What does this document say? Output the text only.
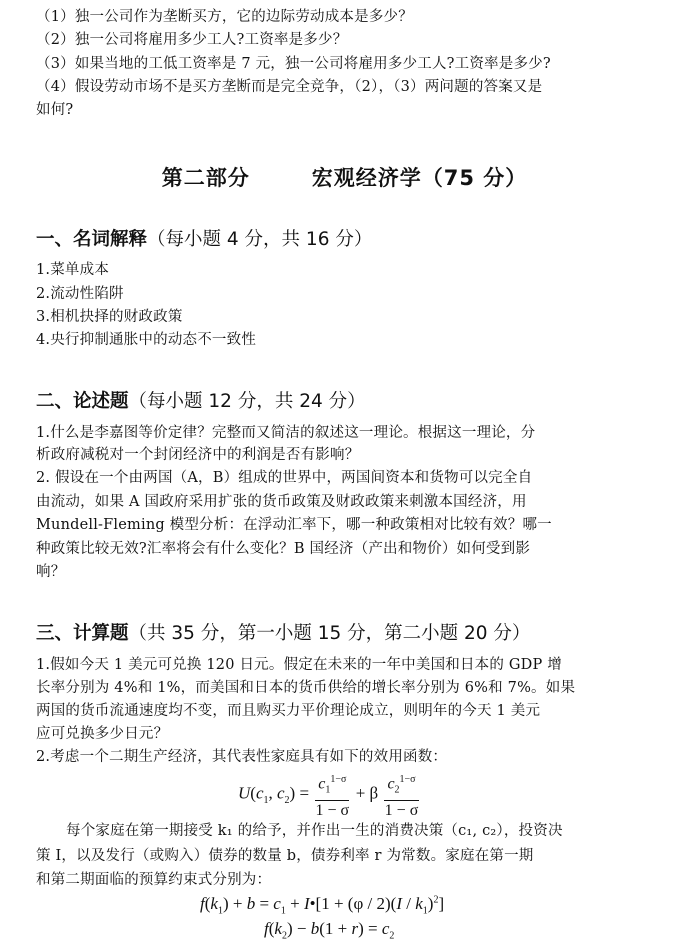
（1）独一公司作为垄断买方，它的边际劳动成本是多少？
（2）独一公司将雇用多少工人?工资率是多少？
（3）如果当地的工低工资率是 7 元，独一公司将雇用多少工人?工资率是多少?
（4）假设劳动市场不是买方垄断而是完全竞争，（2），（3）两问题的答案又是
如何?
第二部分	宏观经济学（75 分）
一、名词解释（每小题 4 分，共 16 分）
1.菜单成本
2.流动性陷阱
3.相机抉择的财政政策
4.央行抑制通胀中的动态不一致性
二、论述题（每小题 12 分，共 24 分）
1.什么是李嘉图等价定律？完整而又简洁的叙述这一理论。根据这一理论，分
析政府减税对一个封闭经济中的利润是否有影响？
2. 假设在一个由两国（A，B）组成的世界中，两国间资本和货物可以完全自
由流动，如果 A 国政府采用扩张的货币政策及财政政策来刺激本国经济，用
Mundell-Fleming 模型分析：在浮动汇率下，哪一种政策相对比较有效？哪一
种政策比较无效?汇率将会有什么变化？B 国经济（产出和物价）如何受到影
响？
三、计算题（共 35 分，第一小题 15 分，第二小题 20 分）
1.假如今天 1 美元可兑换 120 日元。假定在未来的一年中美国和日本的 GDP 增
长率分别为 4%和 1%，而美国和日本的货币供给的增长率分别为 6%和 7%。如果
两国的货币流通速度均不变，而且购买力平价理论成立，则明年的今天 1 美元
应可兑换多少日元？
2.考虑一个二期生产经济，其代表性家庭具有如下的效用函数：
$U(c_1$, $c_2) = \frac{c_1^{1-\sigma}}{1 - \sigma} + \beta \frac{c_2^{1-\sigma}}{1 - \sigma}$
每个家庭在第一期接受 k₁ 的给予，并作出一生的消费决策（c₁, c₂），投资决
策 I，以及发行（或购入）债券的数量 b，债券利率 r 为常数。家庭在第一期
和第二期面临的预算约束式分别为：
$f(k_1) + b = c_1$ + I•[1 + $(\varphi / 2)(I / k_1)^2$]
$f(k_2) - b(1 + r) = c_2$
